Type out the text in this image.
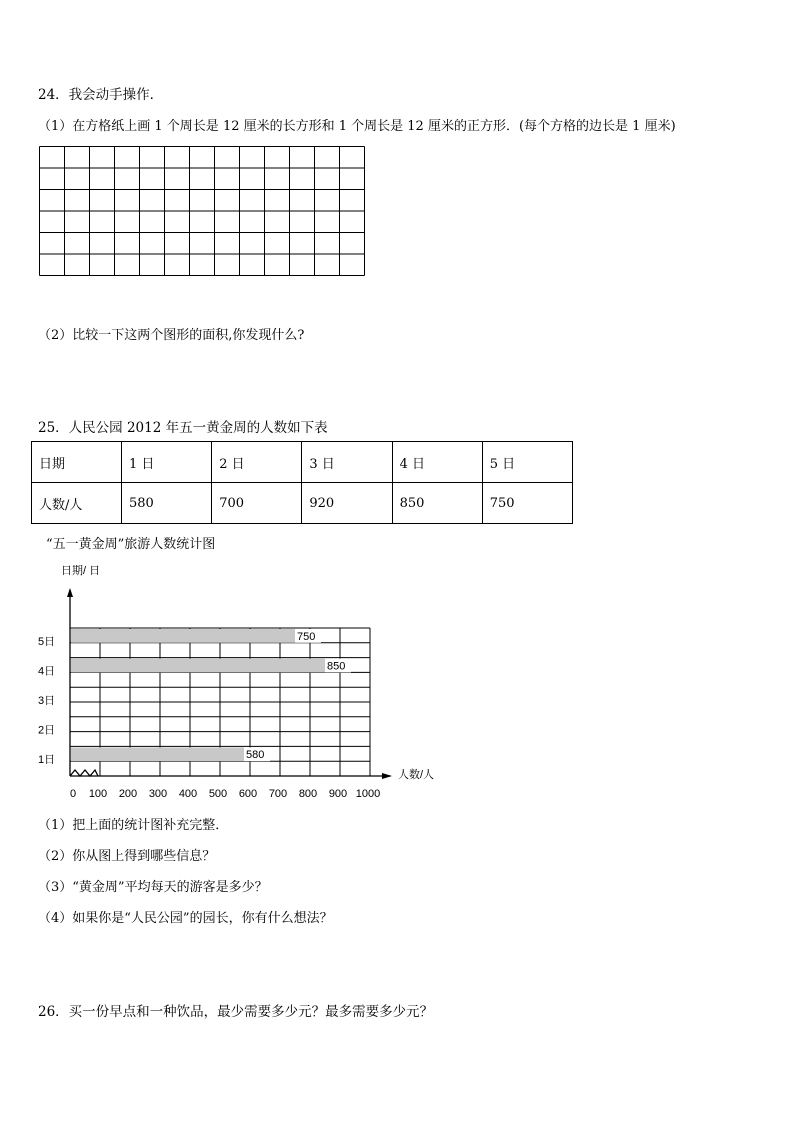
24．我会动手操作．
（1）在方格纸上画 1 个周长是 12 厘米的长方形和 1 个周长是 12 厘米的正方形．(每个方格的边长是 1 厘米)
（2）比较一下这两个图形的面积,你发现什么?
25．人民公园 2012 年五一黄金周的人数如下表
日期	1 日	2 日	3 日	4 日	5 日
人数/人	580	700	920	850	750
“五一黄金周”旅游人数统计图
1日	580
2日
3日
4日	850
5日	750
日期/ 日
人数/人
0 100 200 300 400 500 600 700 800 900 1000
（1）把上面的统计图补充完整．
（2）你从图上得到哪些信息？
（3）“黄金周”平均每天的游客是多少？
（4）如果你是“人民公园”的园长，你有什么想法？
26．买一份早点和一种饮品，最少需要多少元？最多需要多少元？
